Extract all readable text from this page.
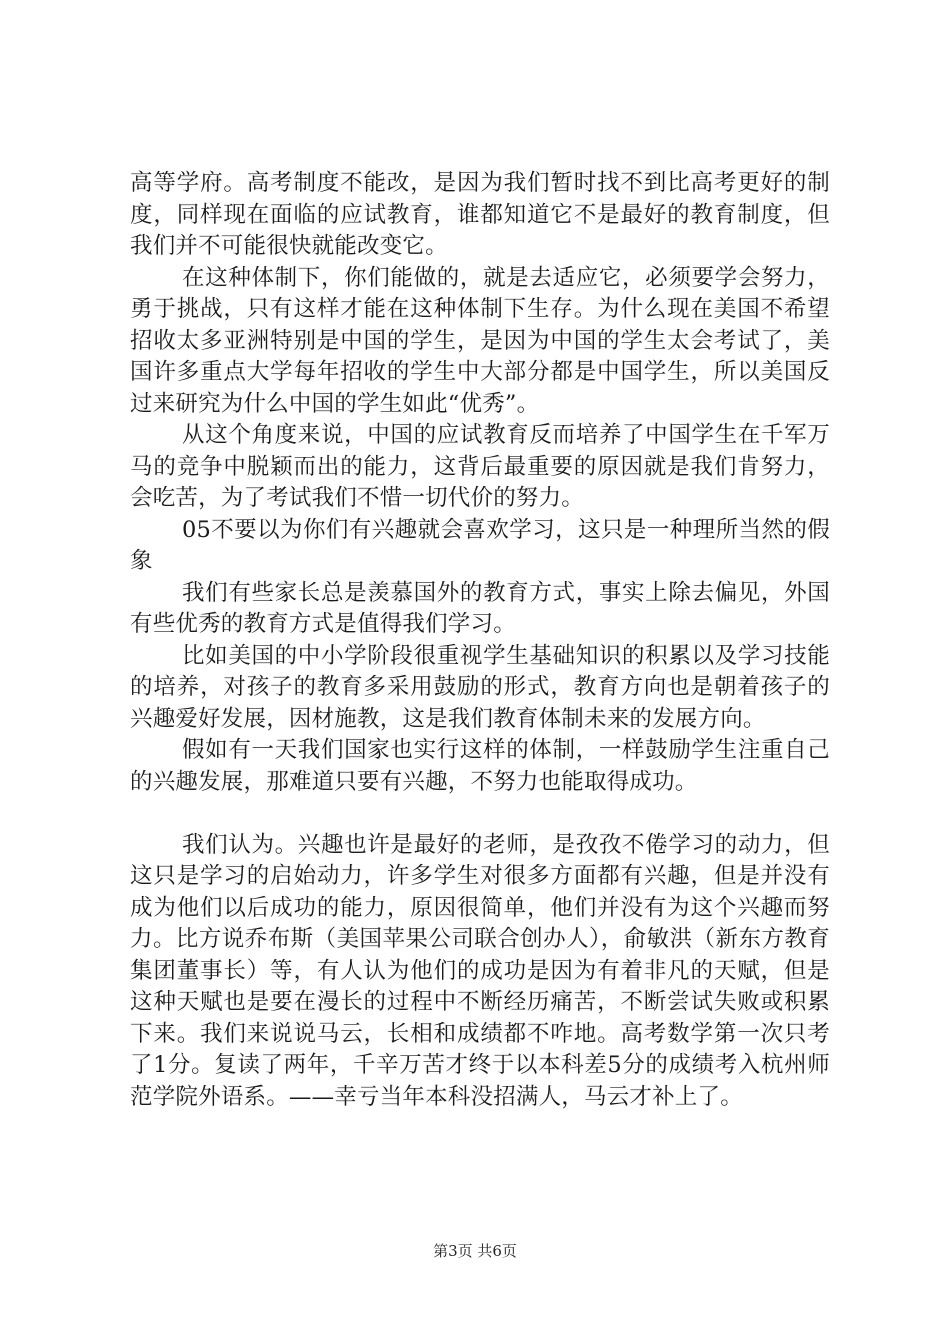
高等学府。高考制度不能改，是因为我们暂时找不到比高考更好的制度，同样现在面临的应试教育，谁都知道它不是最好的教育制度，但我们并不可能很快就能改变它。

在这种体制下，你们能做的，就是去适应它，必须要学会努力，勇于挑战，只有这样才能在这种体制下生存。为什么现在美国不希望招收太多亚洲特别是中国的学生，是因为中国的学生太会考试了，美国许多重点大学每年招收的学生中大部分都是中国学生，所以美国反过来研究为什么中国的学生如此“优秀”。

从这个角度来说，中国的应试教育反而培养了中国学生在千军万马的竞争中脱颖而出的能力，这背后最重要的原因就是我们肯努力，会吃苦，为了考试我们不惜一切代价的努力。

05不要以为你们有兴趣就会喜欢学习，这只是一种理所当然的假象

我们有些家长总是羡慕国外的教育方式，事实上除去偏见，外国有些优秀的教育方式是值得我们学习。

比如美国的中小学阶段很重视学生基础知识的积累以及学习技能的培养，对孩子的教育多采用鼓励的形式，教育方向也是朝着孩子的兴趣爱好发展，因材施教，这是我们教育体制未来的发展方向。

假如有一天我们国家也实行这样的体制，一样鼓励学生注重自己的兴趣发展，那难道只要有兴趣，不努力也能取得成功。

我们认为。兴趣也许是最好的老师，是孜孜不倦学习的动力，但这只是学习的启始动力，许多学生对很多方面都有兴趣，但是并没有成为他们以后成功的能力，原因很简单，他们并没有为这个兴趣而努力。比方说乔布斯（美国苹果公司联合创办人），俞敏洪（新东方教育集团董事长）等，有人认为他们的成功是因为有着非凡的天赋，但是这种天赋也是要在漫长的过程中不断经历痛苦，不断尝试失败或积累下来。我们来说说马云，长相和成绩都不咋地。高考数学第一次只考了1分。复读了两年，千辛万苦才终于以本科差5分的成绩考入杭州师范学院外语系。——幸亏当年本科没招满人，马云才补上了。

第3页 共6页
